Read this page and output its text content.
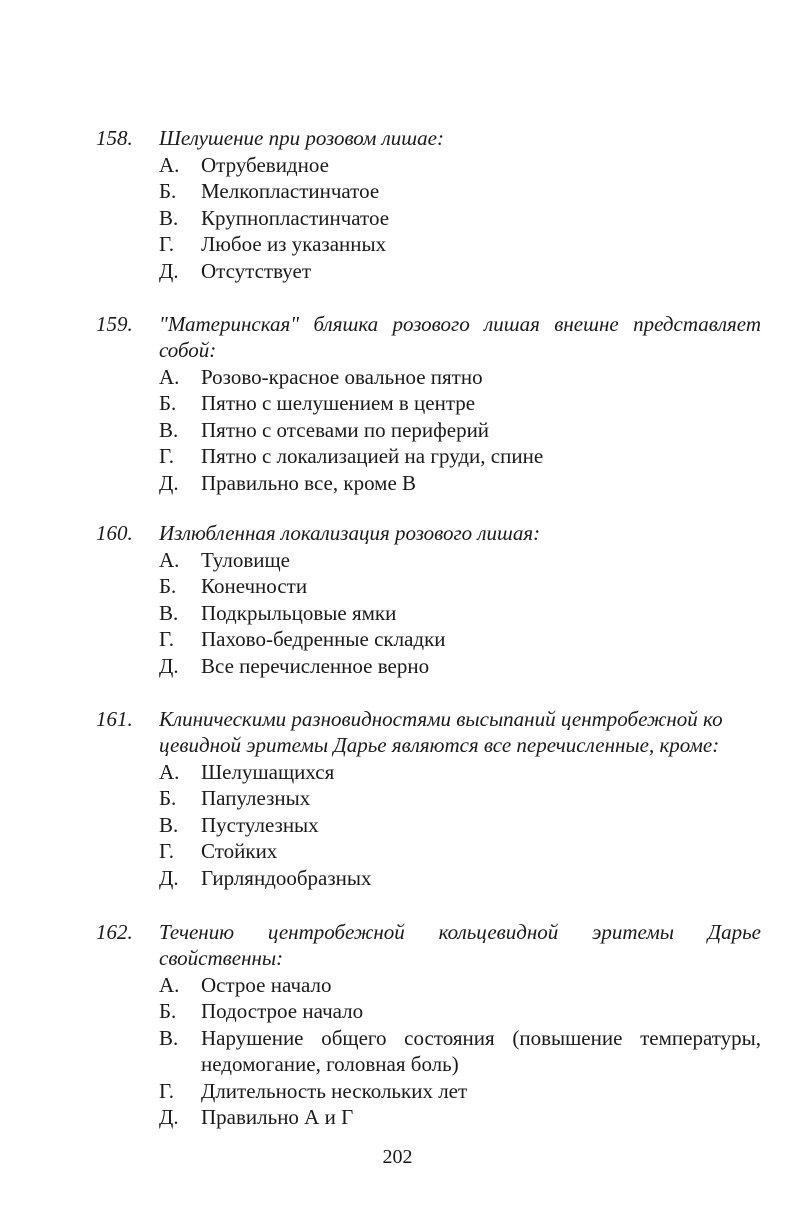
158. Шелушение при розовом лишае:
А. Отрубевидное
Б. Мелкопластинчатое
В. Крупнопластинчатое
Г. Любое из указанных
Д. Отсутствует
159. "Материнская" бляшка розового лишая внешне представляет собой:
А. Розово-красное овальное пятно
Б. Пятно с шелушением в центре
В. Пятно с отсевами по периферий
Г. Пятно с локализацией на груди, спине
Д. Правильно все, кроме В
160. Излюбленная локализация розового лишая:
А. Туловище
Б. Конечности
В. Подкрыльцовые ямки
Г. Пахово-бедренные складки
Д. Все перечисленное верно
161. Клиническими разновидностями высыпаний центробежной ко
цевидной эритемы Дарье являются все перечисленные, кроме:
А. Шелушащихся
Б. Папулезных
В. Пустулезных
Г. Стойких
Д. Гирляндообразных
162. Течению центробежной кольцевидной эритемы Дарье свойственны:
А. Острое начало
Б. Подострое начало
В. Нарушение общего состояния (повышение температуры, недомогание, головная боль)
Г. Длительность нескольких лет
Д. Правильно А и Г
202
